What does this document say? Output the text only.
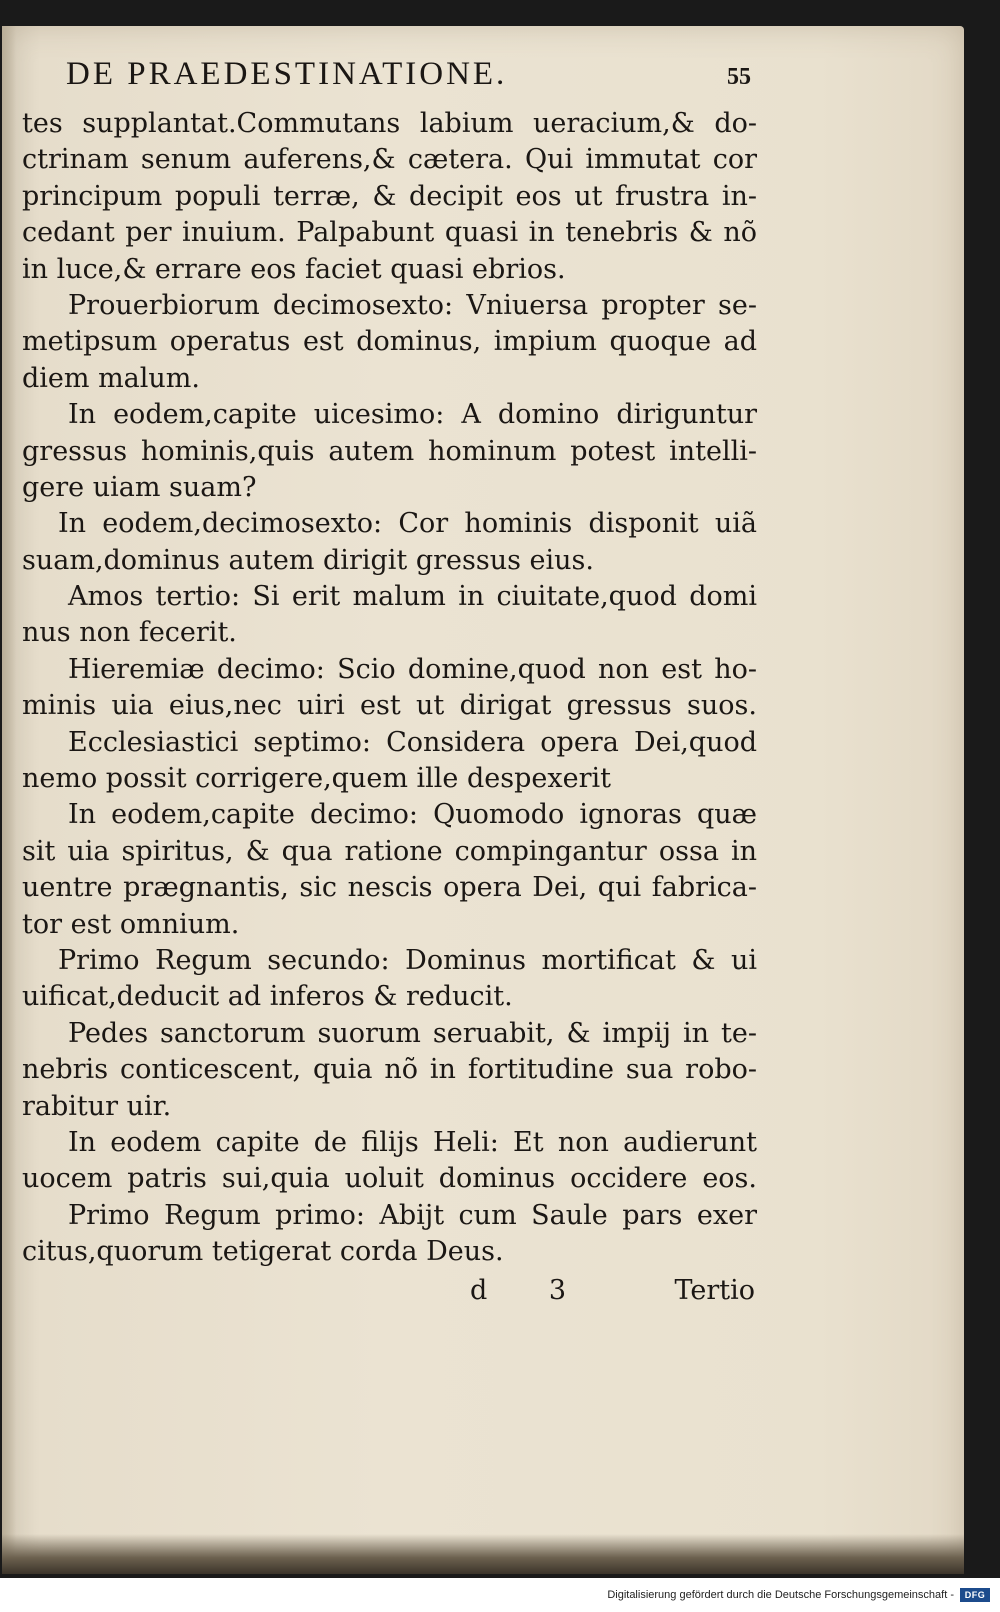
DE PRAEDESTINATIONE.	55
tes supplantat.Commutans labium ueracium,& do-
ctrinam senum auferens,& cætera. Qui immutat cor
principum populi terræ, & decipit eos ut frustra in-
cedant per inuium. Palpabunt quasi in tenebris & nõ
in luce,& errare eos faciet quasi ebrios.
Prouerbiorum decimosexto: Vniuersa propter se-
metipsum operatus est dominus, impium quoque ad
diem malum.
In eodem,capite uicesimo: A domino diriguntur
gressus hominis,quis autem hominum potest intelli-
gere uiam suam?
In eodem,decimosexto: Cor hominis disponit uiã
suam,dominus autem dirigit gressus eius.
Amos tertio: Si erit malum in ciuitate,quod domi
nus non fecerit.
Hieremiæ decimo: Scio domine,quod non est ho-
minis uia eius,nec uiri est ut dirigat gressus suos.
Ecclesiastici septimo: Considera opera Dei,quod
nemo possit corrigere,quem ille despexerit
In eodem,capite decimo: Quomodo ignoras quæ
sit uia spiritus, & qua ratione compingantur ossa in
uentre prægnantis, sic nescis opera Dei, qui fabrica-
tor est omnium.
Primo Regum secundo: Dominus mortificat & ui
uificat,deducit ad inferos & reducit.
Pedes sanctorum suorum seruabit, & impij in te-
nebris conticescent, quia nõ in fortitudine sua robo-
rabitur uir.
In eodem capite de filijs Heli: Et non audierunt
uocem patris sui,quia uoluit dominus occidere eos.
Primo Regum primo: Abijt cum Saule pars exer
citus,quorum tetigerat corda Deus.
d 3	Tertio
Digitalisierung gefördert durch die Deutsche Forschungsgemeinschaft -	DFG
